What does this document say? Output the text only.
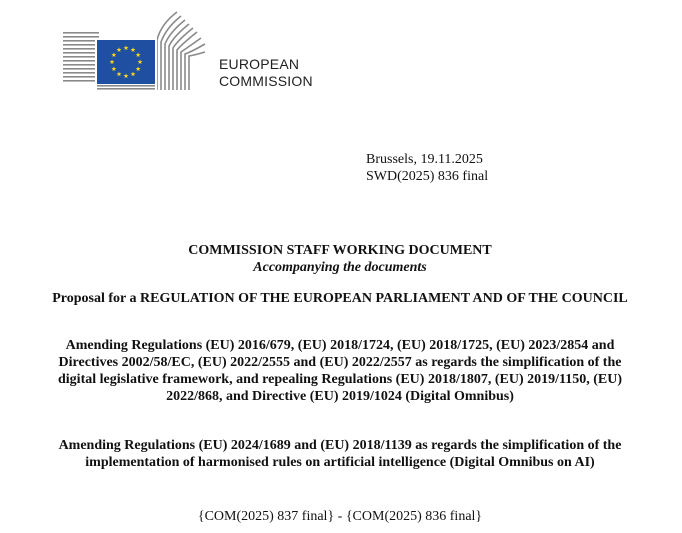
EUROPEAN
COMMISSION
Brussels, 19.11.2025
SWD(2025) 836 final
COMMISSION STAFF WORKING DOCUMENT
Accompanying the documents
Proposal for a REGULATION OF THE EUROPEAN PARLIAMENT AND OF THE COUNCIL
Amending Regulations (EU) 2016/679, (EU) 2018/1724, (EU) 2018/1725, (EU) 2023/2854 and Directives 2002/58/EC, (EU) 2022/2555 and (EU) 2022/2557 as regards the simplification of the digital legislative framework, and repealing Regulations (EU) 2018/1807, (EU) 2019/1150, (EU) 2022/868, and Directive (EU) 2019/1024 (Digital Omnibus)
Amending Regulations (EU) 2024/1689 and (EU) 2018/1139 as regards the simplification of the implementation of harmonised rules on artificial intelligence (Digital Omnibus on AI)
{COM(2025) 837 final} - {COM(2025) 836 final}
